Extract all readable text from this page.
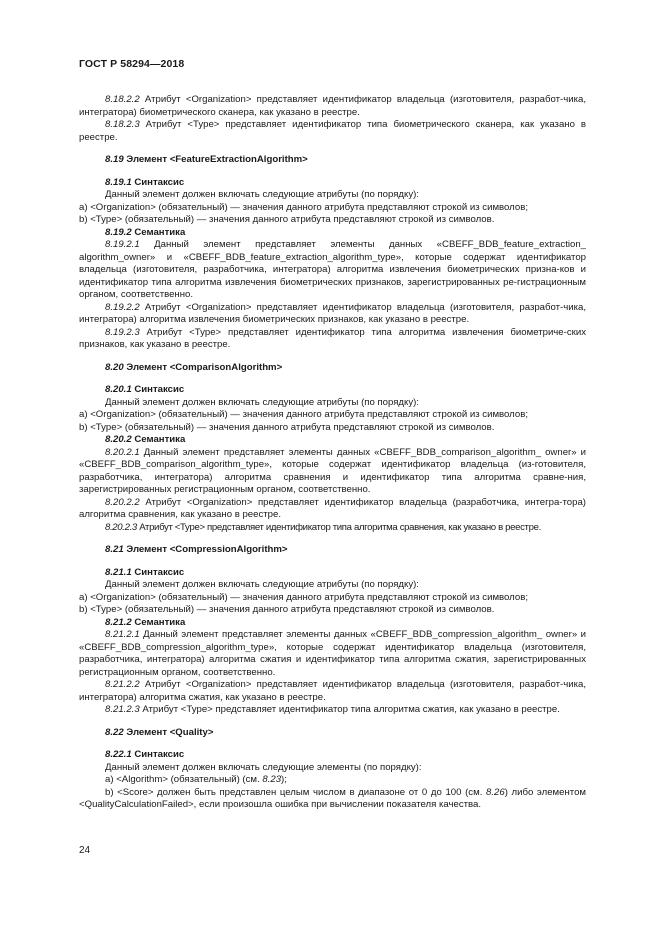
ГОСТ Р 58294—2018

8.18.2.2 Атрибут <Organization> представляет идентификатор владельца (изготовителя, разработ-чика, интегратора) биометрического сканера, как указано в реестре.

8.18.2.3 Атрибут <Type> представляет идентификатор типа биометрического сканера, как указано в реестре.

8.19 Элемент <FeatureExtractionAlgorithm>

8.19.1 Синтаксис

Данный элемент должен включать следующие атрибуты (по порядку):

а) <Organization> (обязательный) — значения данного атрибута представляют строкой из символов;

b) <Type> (обязательный) — значения данного атрибута представляют строкой из символов.

8.19.2 Семантика

8.19.2.1 Данный элемент представляет элементы данных «CBEFF_BDB_feature_extraction_ algorithm_owner» и «CBEFF_BDB_feature_extraction_algorithm_type», которые содержат идентификатор владельца (изготовителя, разработчика, интегратора) алгоритма извлечения биометрических призна-ков и идентификатор типа алгоритма извлечения биометрических признаков, зарегистрированных ре-гистрационным органом, соответственно.

8.19.2.2 Атрибут <Organization> представляет идентификатор владельца (изготовителя, разработ-чика, интегратора) алгоритма извлечения биометрических признаков, как указано в реестре.

8.19.2.3 Атрибут <Type> представляет идентификатор типа алгоритма извлечения биометриче-ских признаков, как указано в реестре.

8.20 Элемент <ComparisonAlgorithm>

8.20.1 Синтаксис

Данный элемент должен включать следующие атрибуты (по порядку):

а) <Organization> (обязательный) — значения данного атрибута представляют строкой из символов;

b) <Type> (обязательный) — значения данного атрибута представляют строкой из символов.

8.20.2 Семантика

8.20.2.1 Данный элемент представляет элементы данных «CBEFF_BDB_comparison_algorithm_ owner» и «CBEFF_BDB_comparison_algorithm_type», которые содержат идентификатор владельца (из-готовителя, разработчика, интегратора) алгоритма сравнения и идентификатор типа алгоритма сравне-ния, зарегистрированных регистрационным органом, соответственно.

8.20.2.2 Атрибут <Organization> представляет идентификатор владельца (разработчика, интегра-тора) алгоритма сравнения, как указано в реестре.

8.20.2.3 Атрибут <Type> представляет идентификатор типа алгоритма сравнения, как указано в реестре.

8.21 Элемент <CompressionAlgorithm>

8.21.1 Синтаксис

Данный элемент должен включать следующие атрибуты (по порядку):

а) <Organization> (обязательный) — значения данного атрибута представляют строкой из символов;

b) <Type> (обязательный) — значения данного атрибута представляют строкой из символов.

8.21.2 Семантика

8.21.2.1 Данный элемент представляет элементы данных «CBEFF_BDB_compression_algorithm_ owner» и «CBEFF_BDB_compression_algorithm_type», которые содержат идентификатор владельца (изготовителя, разработчика, интегратора) алгоритма сжатия и идентификатор типа алгоритма сжатия, зарегистрированных регистрационным органом, соответственно.

8.21.2.2 Атрибут <Organization> представляет идентификатор владельца (изготовителя, разработ-чика, интегратора) алгоритма сжатия, как указано в реестре.

8.21.2.3 Атрибут <Type> представляет идентификатор типа алгоритма сжатия, как указано в реестре.

8.22 Элемент <Quality>

8.22.1 Синтаксис

Данный элемент должен включать следующие элементы (по порядку):

а) <Algorithm> (обязательный) (см. 8.23);

b) <Score> должен быть представлен целым числом в диапазоне от 0 до 100 (см. 8.26) либо элементом <QualityCalculationFailed>, если произошла ошибка при вычислении показателя качества.

24
